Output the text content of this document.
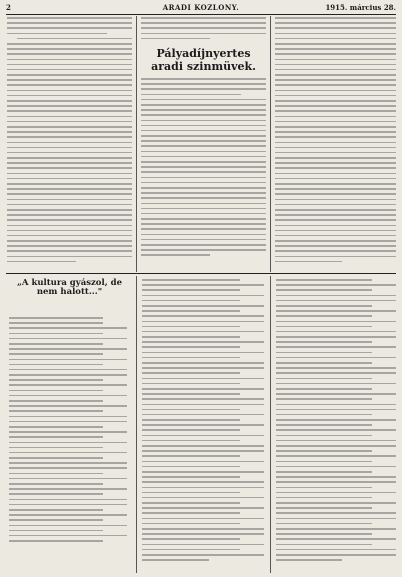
2	ARADI KOZLONY.	1915. március 28.
Pályadíjnyertes
aradi szinmüvek.
„A kultura gyászol, de nem halott..."
